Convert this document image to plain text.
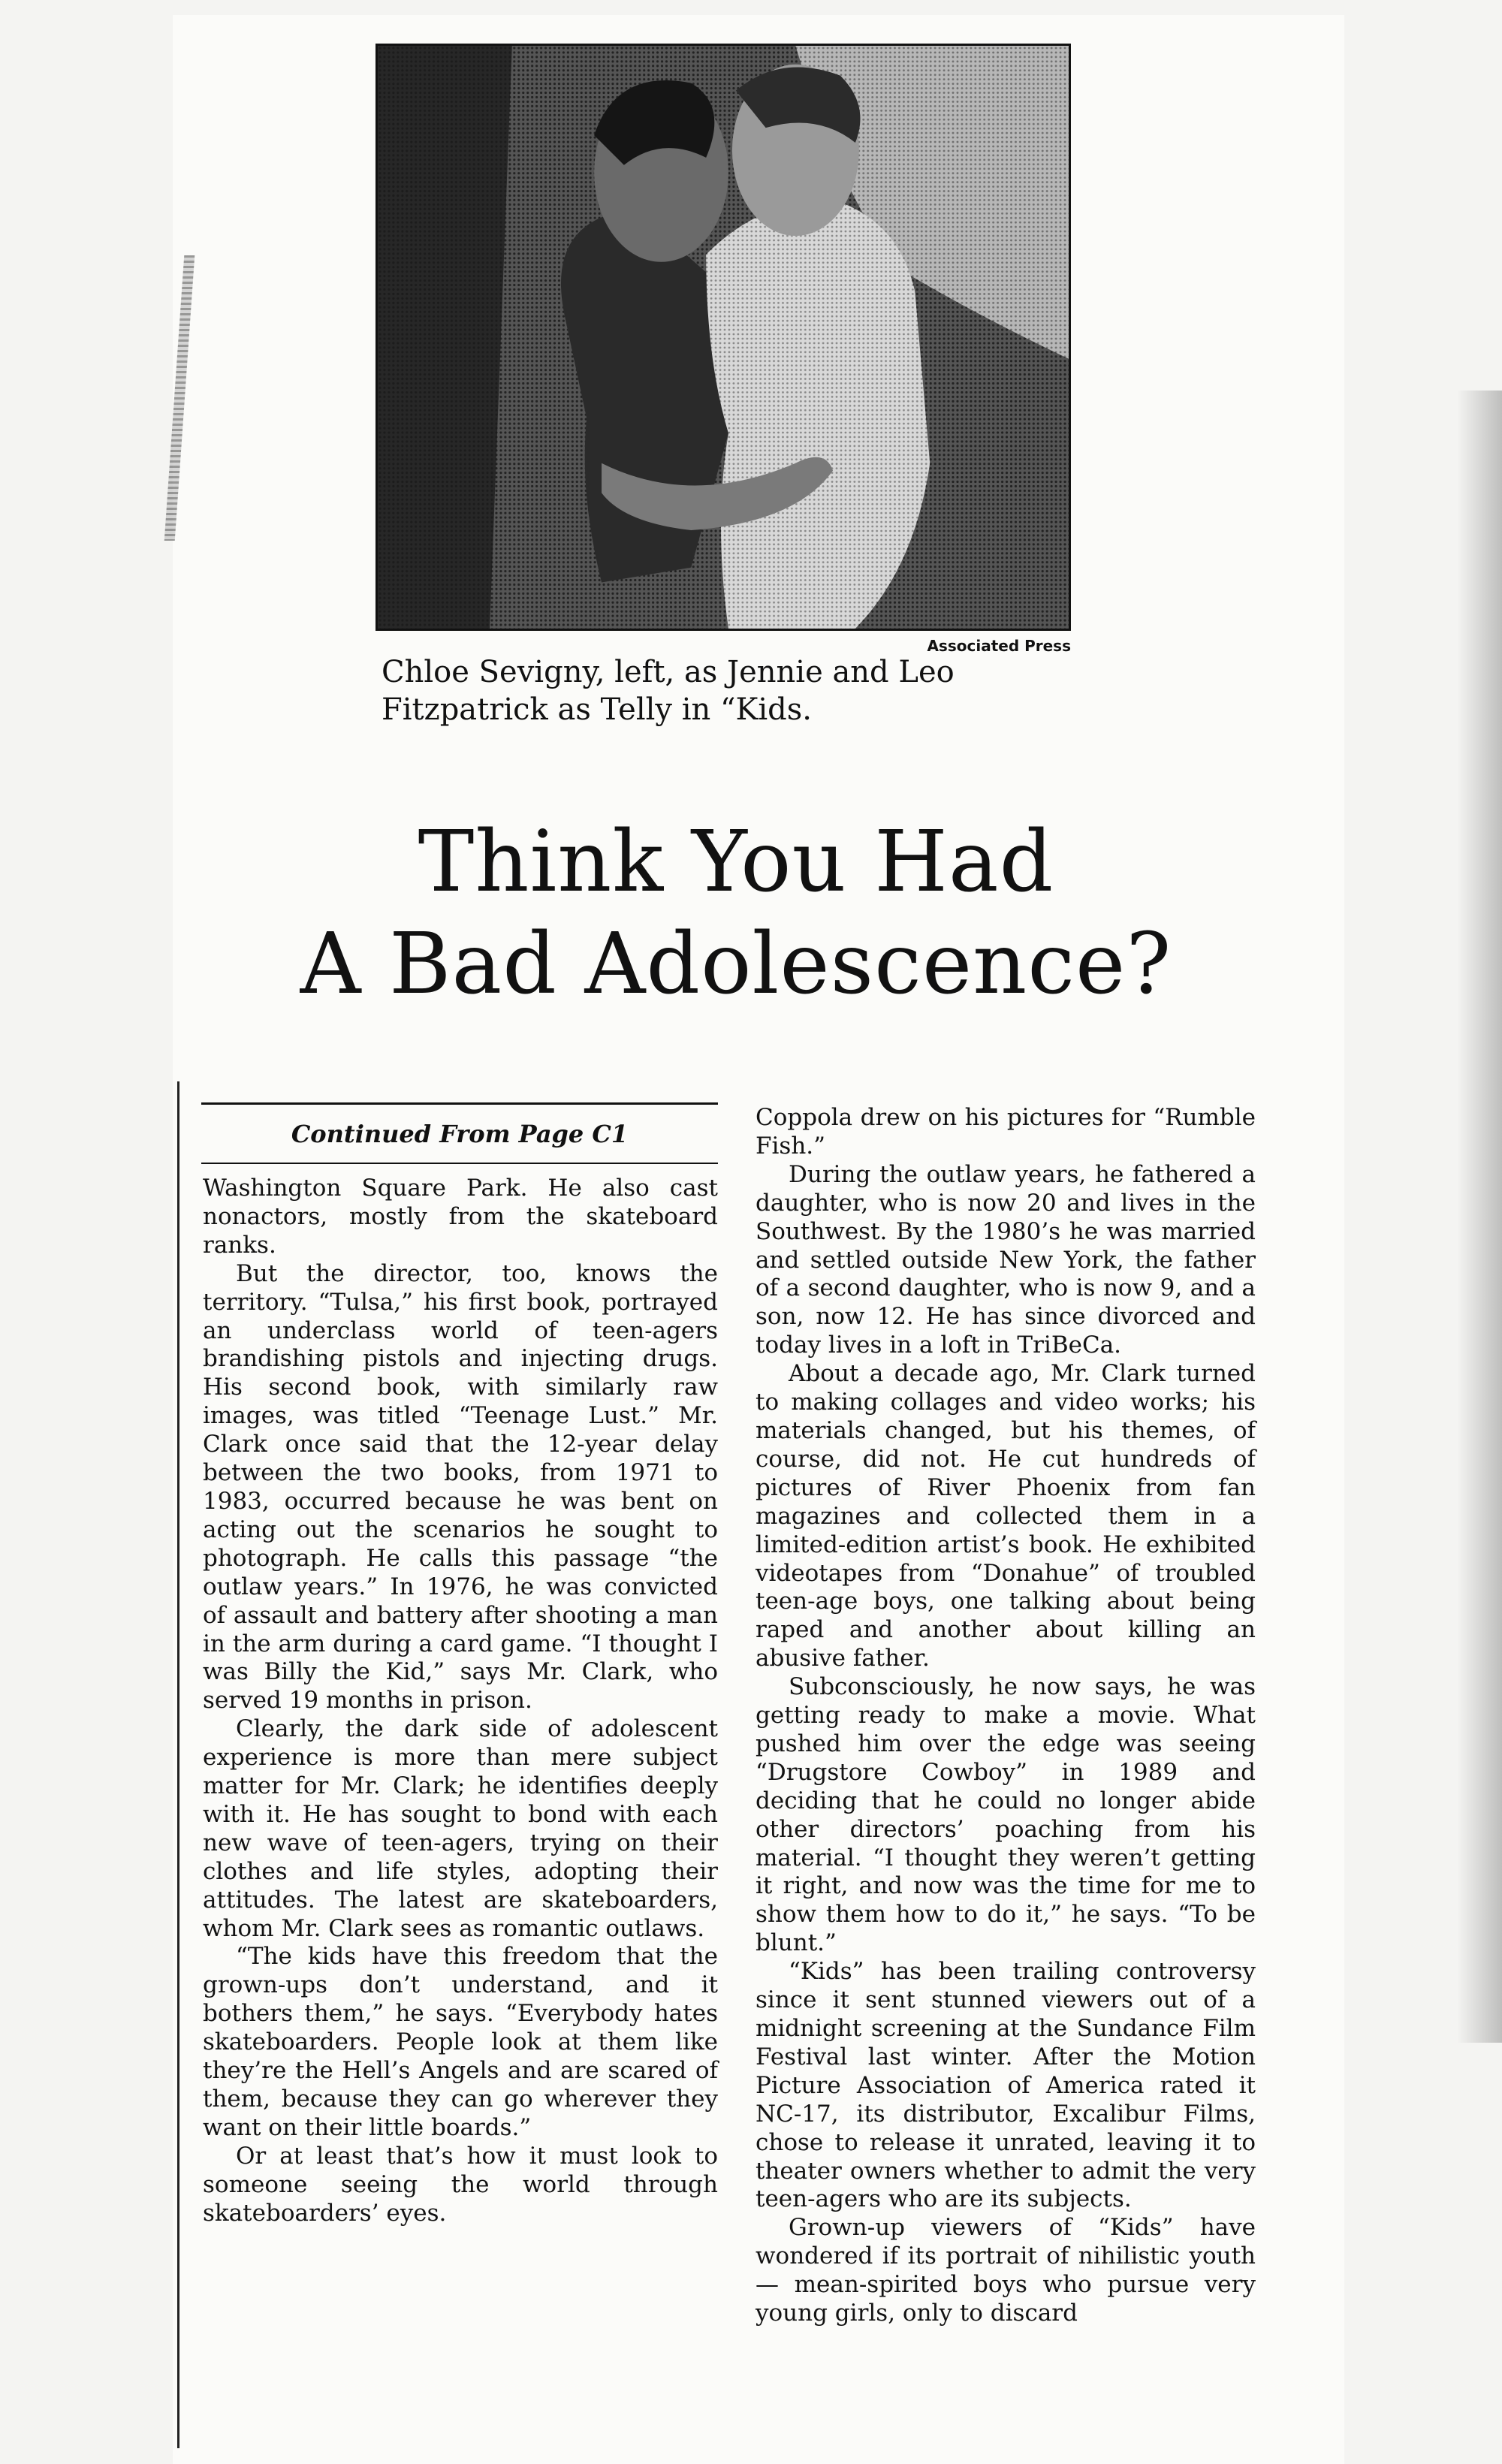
Associated Press
Chloe Sevigny, left, as Jennie and Leo Fitzpatrick as Telly in “Kids.
Think You Had
A Bad Adolescence?
Continued From Page C1

Washington Square Park. He also cast nonactors, mostly from the skateboard ranks.

But the director, too, knows the territory. “Tulsa,” his first book, portrayed an underclass world of teen-agers brandishing pistols and injecting drugs. His second book, with similarly raw images, was titled “Teenage Lust.” Mr. Clark once said that the 12-year delay between the two books, from 1971 to 1983, occurred because he was bent on acting out the scenarios he sought to photograph. He calls this passage “the outlaw years.” In 1976, he was convicted of assault and battery after shooting a man in the arm during a card game. “I thought I was Billy the Kid,” says Mr. Clark, who served 19 months in prison.

Clearly, the dark side of adolescent experience is more than mere subject matter for Mr. Clark; he identifies deeply with it. He has sought to bond with each new wave of teen-agers, trying on their clothes and life styles, adopting their attitudes. The latest are skateboarders, whom Mr. Clark sees as romantic outlaws.

“The kids have this freedom that the grown-ups don’t understand, and it bothers them,” he says. “Everybody hates skateboarders. People look at them like they’re the Hell’s Angels and are scared of them, because they can go wherever they want on their little boards.”

Or at least that’s how it must look to someone seeing the world through skateboarders’ eyes.

Coppola drew on his pictures for “Rumble Fish.”

During the outlaw years, he fathered a daughter, who is now 20 and lives in the Southwest. By the 1980’s he was married and settled outside New York, the father of a second daughter, who is now 9, and a son, now 12. He has since divorced and today lives in a loft in TriBeCa.

About a decade ago, Mr. Clark turned to making collages and video works; his materials changed, but his themes, of course, did not. He cut hundreds of pictures of River Phoenix from fan magazines and collected them in a limited-edition artist’s book. He exhibited videotapes from “Donahue” of troubled teen-age boys, one talking about being raped and another about killing an abusive father.

Subconsciously, he now says, he was getting ready to make a movie. What pushed him over the edge was seeing “Drugstore Cowboy” in 1989 and deciding that he could no longer abide other directors’ poaching from his material. “I thought they weren’t getting it right, and now was the time for me to show them how to do it,” he says. “To be blunt.”

“Kids” has been trailing controversy since it sent stunned viewers out of a midnight screening at the Sundance Film Festival last winter. After the Motion Picture Association of America rated it NC-17, its distributor, Excalibur Films, chose to release it unrated, leaving it to theater owners whether to admit the very teen-agers who are its subjects.

Grown-up viewers of “Kids” have wondered if its portrait of nihilistic youth — mean-spirited boys who pursue very young girls, only to discard
